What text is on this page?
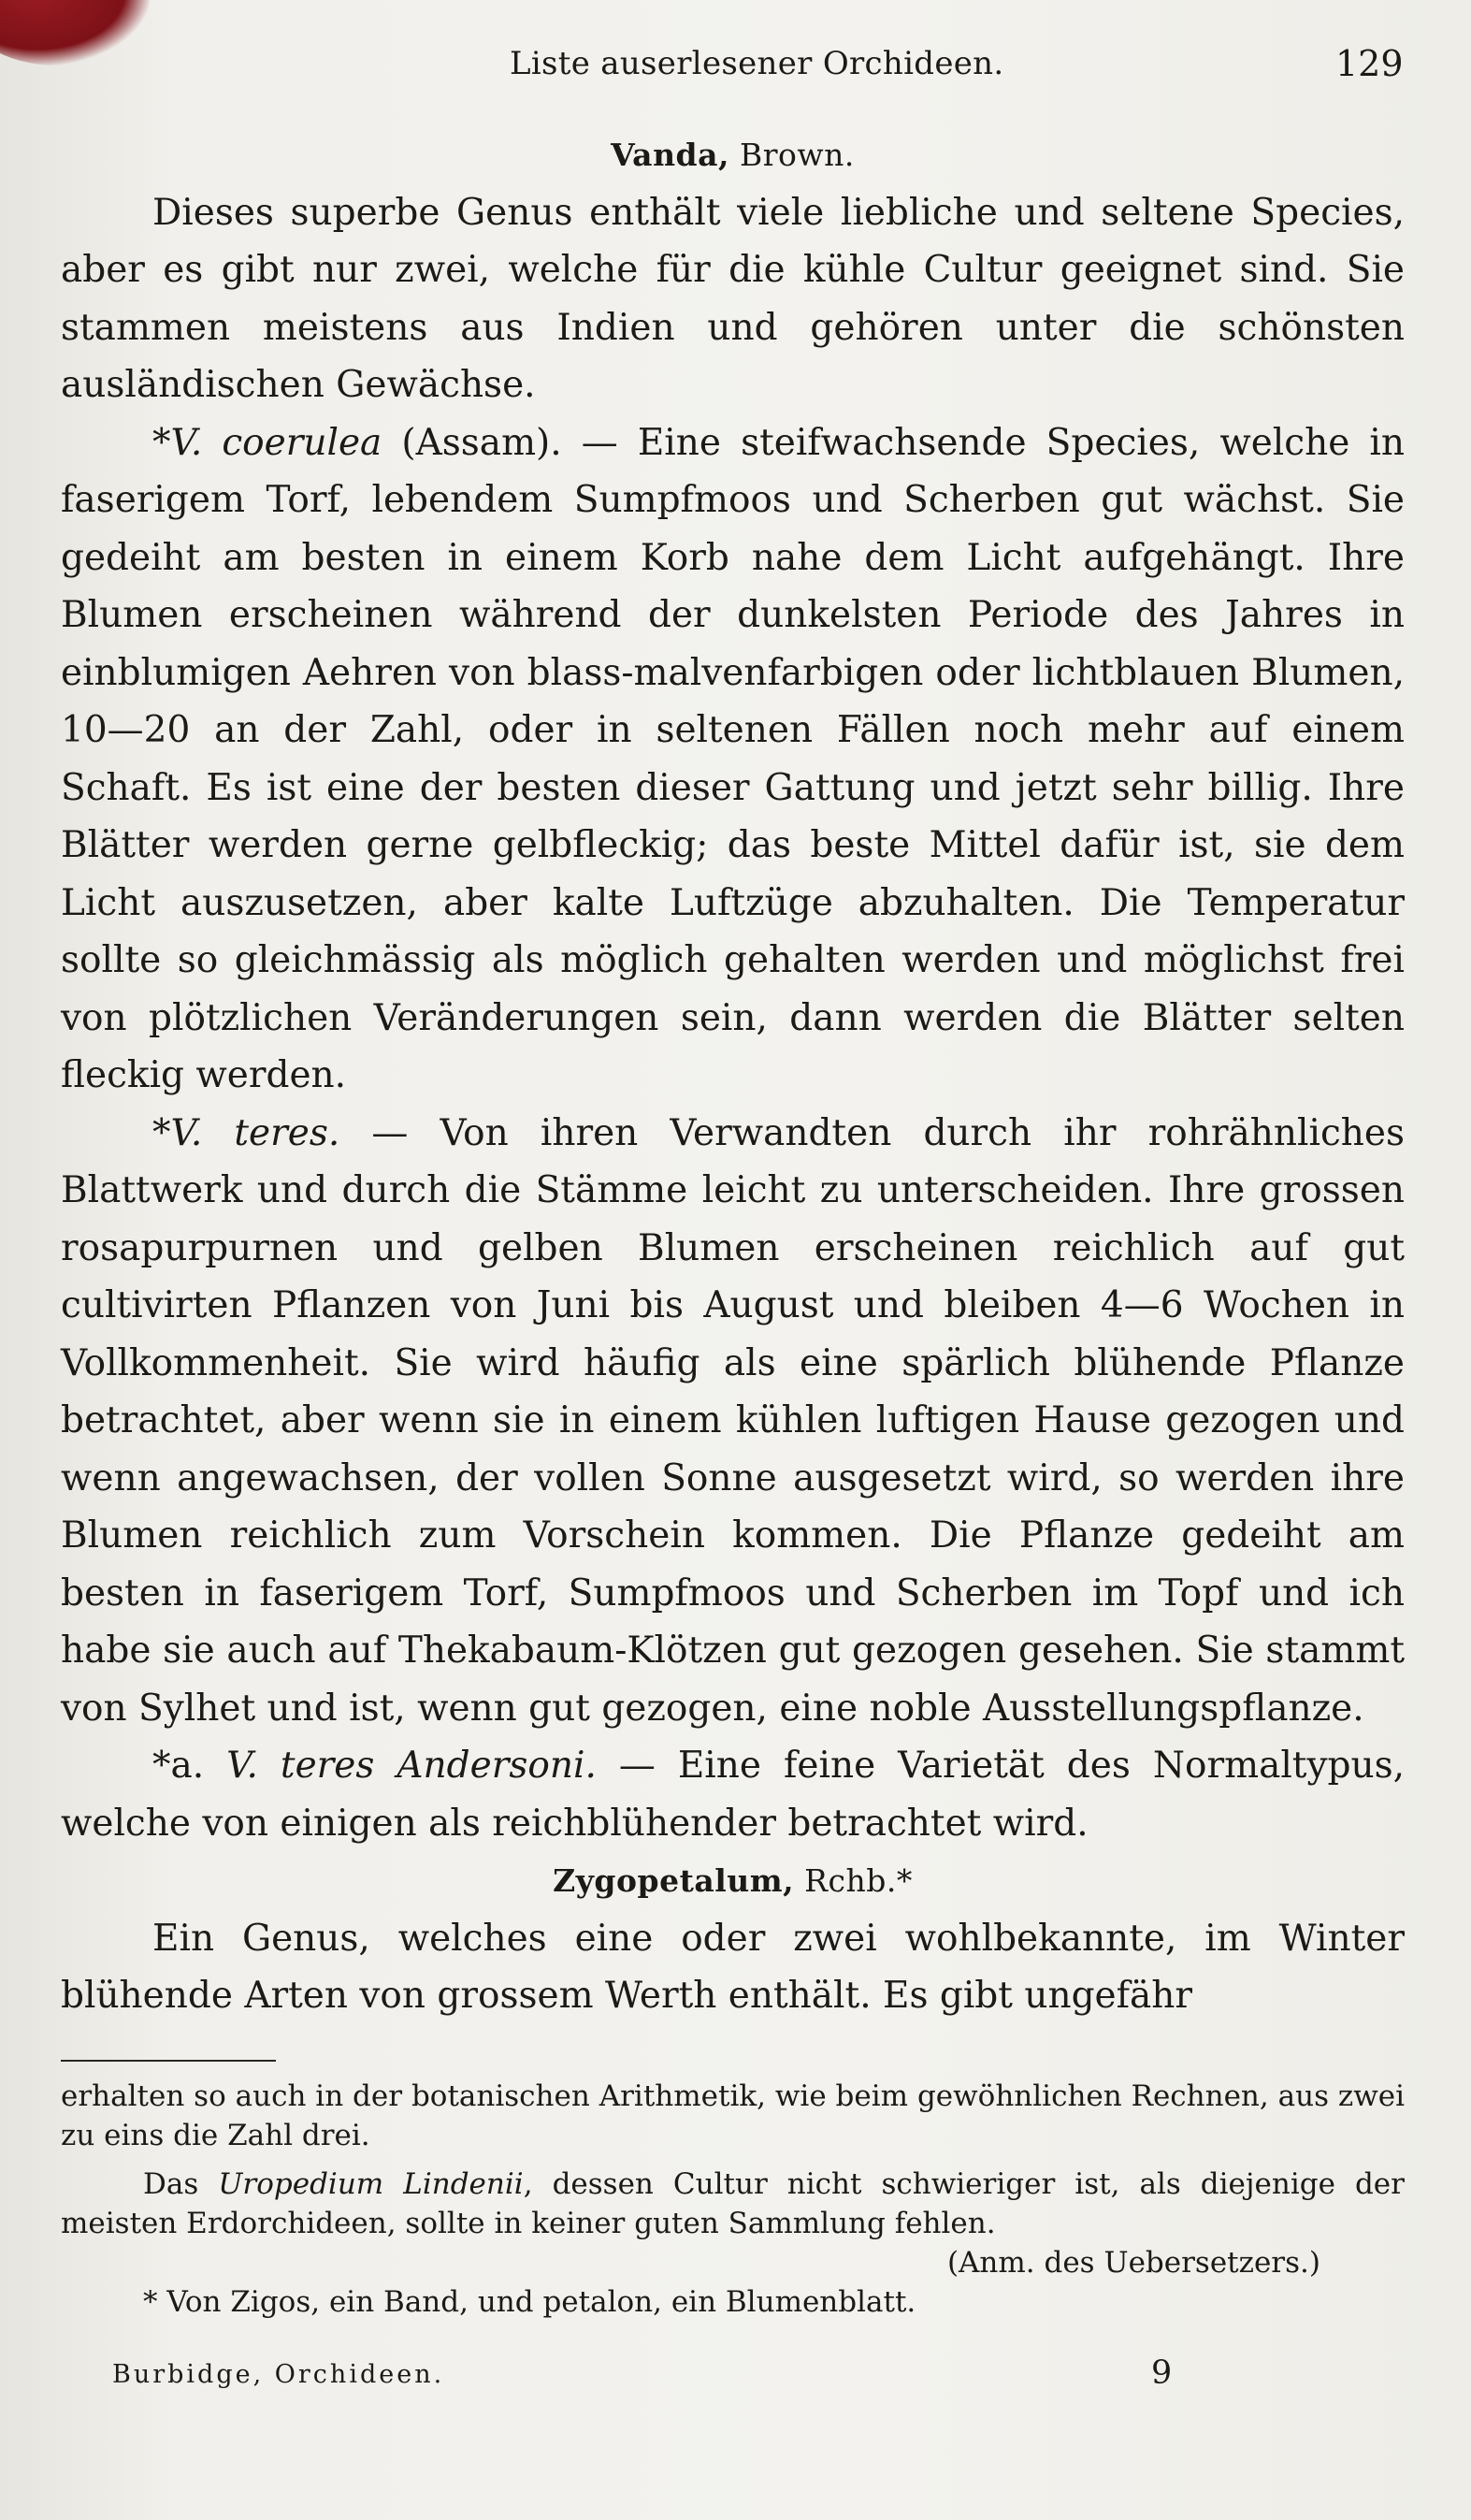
Liste auserlesener Orchideen.	129

Vanda, Brown.

Dieses superbe Genus enthält viele liebliche und seltene Species, aber es gibt nur zwei, welche für die kühle Cultur geeignet sind. Sie stammen meistens aus Indien und gehören unter die schönsten ausländischen Gewächse.

*V. coerulea (Assam). — Eine steifwachsende Species, welche in faserigem Torf, lebendem Sumpfmoos und Scherben gut wächst. Sie gedeiht am besten in einem Korb nahe dem Licht aufgehängt. Ihre Blumen erscheinen während der dunkelsten Periode des Jahres in einblumigen Aehren von blass-malvenfarbigen oder lichtblauen Blumen, 10—20 an der Zahl, oder in seltenen Fällen noch mehr auf einem Schaft. Es ist eine der besten dieser Gattung und jetzt sehr billig. Ihre Blätter werden gerne gelbfleckig; das beste Mittel dafür ist, sie dem Licht auszusetzen, aber kalte Luftzüge abzuhalten. Die Temperatur sollte so gleichmässig als möglich gehalten werden und möglichst frei von plötzlichen Veränderungen sein, dann werden die Blätter selten fleckig werden.

*V. teres. — Von ihren Verwandten durch ihr rohrähnliches Blattwerk und durch die Stämme leicht zu unterscheiden. Ihre grossen rosapurpurnen und gelben Blumen erscheinen reichlich auf gut cultivirten Pflanzen von Juni bis August und bleiben 4—6 Wochen in Vollkommenheit. Sie wird häufig als eine spärlich blühende Pflanze betrachtet, aber wenn sie in einem kühlen luftigen Hause gezogen und wenn angewachsen, der vollen Sonne ausgesetzt wird, so werden ihre Blumen reichlich zum Vorschein kommen. Die Pflanze gedeiht am besten in faserigem Torf, Sumpfmoos und Scherben im Topf und ich habe sie auch auf Thekabaum-Klötzen gut gezogen gesehen. Sie stammt von Sylhet und ist, wenn gut gezogen, eine noble Ausstellungspflanze.

*a. V. teres Andersoni. — Eine feine Varietät des Normaltypus, welche von einigen als reichblühender betrachtet wird.

Zygopetalum, Rchb.*

Ein Genus, welches eine oder zwei wohlbekannte, im Winter blühende Arten von grossem Werth enthält. Es gibt ungefähr

erhalten so auch in der botanischen Arithmetik, wie beim gewöhnlichen Rechnen, aus zwei zu eins die Zahl drei.

Das Uropedium Lindenii, dessen Cultur nicht schwieriger ist, als diejenige der meisten Erdorchideen, sollte in keiner guten Sammlung fehlen.

(Anm. des Uebersetzers.)

* Von Zigos, ein Band, und petalon, ein Blumenblatt.

Burbidge, Orchideen.	9
